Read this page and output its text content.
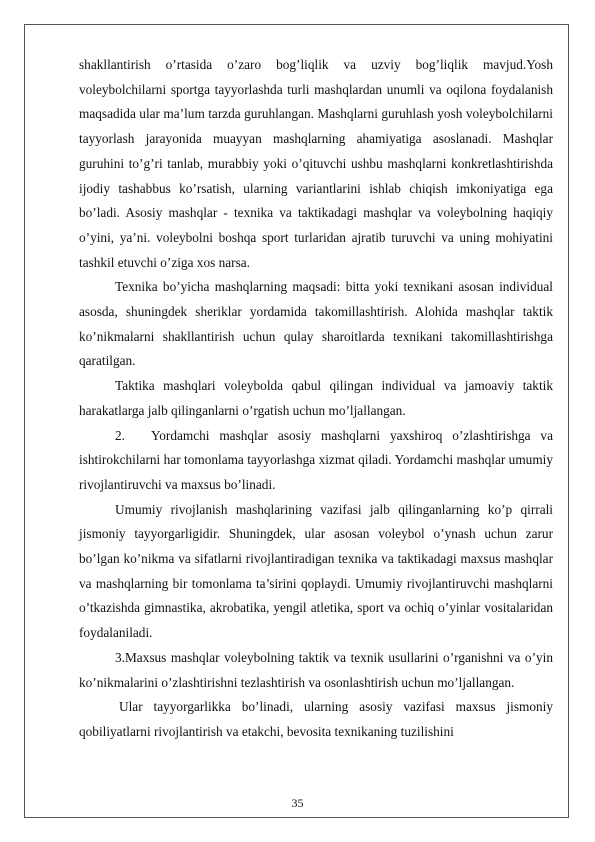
shakllantirish o’rtasida o’zaro bog’liqlik va uzviy bog’liqlik mavjud.Yosh voleybolchilarni sportga tayyorlashda turli mashqlardan unumli va oqilona foydalanish maqsadida ular ma’lum tarzda guruhlangan. Mashqlarni guruhlash yosh voleybolchilarni tayyorlash jarayonida muayyan mashqlarning ahamiyatiga asoslanadi. Mashqlar guruhini to’g’ri tanlab, murabbiy yoki o’qituvchi ushbu mashqlarni konkretlashtirishda ijodiy tashabbus ko’rsatish, ularning variantlarini ishlab chiqish imkoniyatiga ega bo’ladi. Asosiy mashqlar - texnika va taktikadagi mashqlar va voleybolning haqiqiy o’yini, ya’ni. voleybolni boshqa sport turlaridan ajratib turuvchi va uning mohiyatini tashkil etuvchi o’ziga xos narsa.

Texnika bo’yicha mashqlarning maqsadi: bitta yoki texnikani asosan individual asosda, shuningdek sheriklar yordamida takomillashtirish. Alohida mashqlar taktik ko’nikmalarni shakllantirish uchun qulay sharoitlarda texnikani takomillashtirishga qaratilgan.

Taktika mashqlari voleybolda qabul qilingan individual va jamoaviy taktik harakatlarga jalb qilinganlarni o’rgatish uchun mo’ljallangan.

2. Yordamchi mashqlar asosiy mashqlarni yaxshiroq o’zlashtirishga va ishtirokchilarni har tomonlama tayyorlashga xizmat qiladi. Yordamchi mashqlar umumiy rivojlantiruvchi va maxsus bo’linadi.

Umumiy rivojlanish mashqlarining vazifasi jalb qilinganlarning ko’p qirrali jismoniy tayyorgarligidir. Shuningdek, ular asosan voleybol o’ynash uchun zarur bo’lgan ko’nikma va sifatlarni rivojlantiradigan texnika va taktikadagi maxsus mashqlar va mashqlarning bir tomonlama ta’sirini qoplaydi. Umumiy rivojlantiruvchi mashqlarni o’tkazishda gimnastika, akrobatika, yengil atletika, sport va ochiq o’yinlar vositalaridan foydalaniladi.

3.Maxsus mashqlar voleybolning taktik va texnik usullarini o’rganishni va o’yin ko’nikmalarini o’zlashtirishni tezlashtirish va osonlashtirish uchun mo’ljallangan.

Ular tayyorgarlikka bo’linadi, ularning asosiy vazifasi maxsus jismoniy qobiliyatlarni rivojlantirish va etakchi, bevosita texnikaning tuzilishini

35
